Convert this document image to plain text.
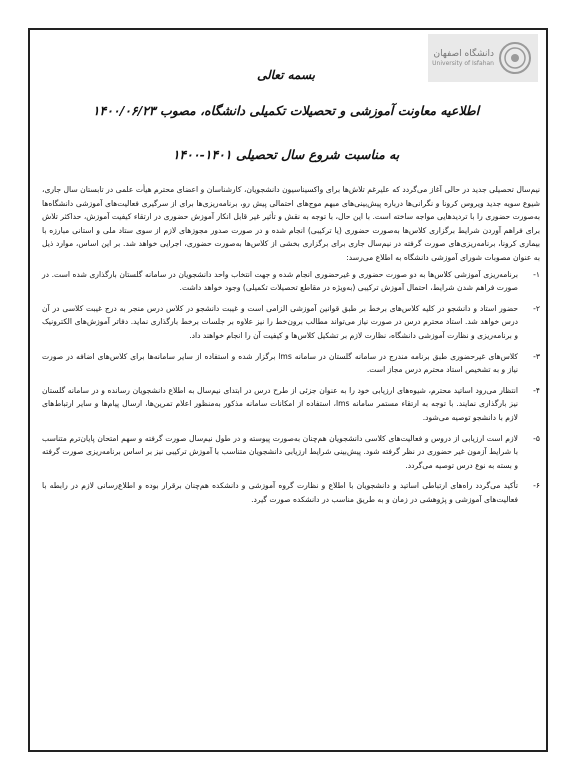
دانشگاه اصفهان
University of Isfahan
بسمه تعالی
اطلاعیه معاونت آموزشی و تحصیلات تکمیلی دانشگاه، مصوب ۱۴۰۰/۰۶/۲۳
به مناسبت شروع سال تحصیلی ۱۴۰۱-۱۴۰۰

نیم‌سال تحصیلی جدید در حالی آغاز می‌گردد که علیرغم تلاش‌ها برای واکسیناسیون دانشجویان، کارشناسان و اعضای محترم هیأت علمی در تابستان سال جاری، شیوع سویه جدید ویروس کرونا و نگرانی‌ها درباره پیش‌بینی‌های مبهم موج‌های احتمالی پیش رو، برنامه‌ریزی‌ها برای از سرگیری فعالیت‌های آموزشی دانشگاه‌ها به‌صورت حضوری را با تردیدهایی مواجه ساخته است. با این حال، با توجه به نقش و تأثیر غیر قابل انکار آموزش حضوری در ارتقاء کیفیت آموزش، حداکثر تلاش برای فراهم آوردن شرایط برگزاری کلاس‌ها به‌صورت حضوری (یا ترکیبی) انجام شده و در صورت صدور مجوزهای لازم از سوی ستاد ملی و استانی مبارزه با بیماری کرونا، برنامه‌ریزی‌های صورت گرفته در نیم‌سال جاری برای برگزاری بخشی از کلاس‌ها به‌صورت حضوری، اجرایی خواهد شد. بر این اساس، موارد ذیل به عنوان مصوبات شورای آموزشی دانشگاه به اطلاع می‌رسد:

۱-
برنامه‌ریزی آموزشی کلاس‌ها به دو صورت حضوری و غیرحضوری انجام شده و جهت انتخاب واحد دانشجویان در سامانه گلستان بارگذاری شده است. در صورت فراهم شدن شرایط، احتمال آموزش ترکیبی (به‌ویژه در مقاطع تحصیلات تکمیلی) وجود خواهد داشت.
۲-
حضور استاد و دانشجو در کلیه کلاس‌های برخط بر طبق قوانین آموزشی الزامی است و غیبت دانشجو در کلاس درس منجر به درج غیبت کلاسی در آن درس خواهد شد. استاد محترم درس در صورت نیاز می‌تواند مطالب برون‌خط را نیز علاوه بر جلسات برخط بارگذاری نماید. دفاتر آموزش‌های الکترونیک و برنامه‌ریزی و نظارت آموزشی دانشگاه، نظارت لازم بر تشکیل کلاس‌ها و کیفیت آن را انجام خواهند داد.
۳-
کلاس‌های غیرحضوری طبق برنامه مندرج در سامانه گلستان در سامانه lms برگزار شده و استفاده از سایر سامانه‌ها برای کلاس‌های اضافه در صورت نیاز و به تشخیص استاد محترم درس مجاز است.
۴-
انتظار می‌رود اساتید محترم، شیوه‌های ارزیابی خود را به عنوان جزئی از طرح درس در ابتدای نیم‌سال به اطلاع دانشجویان رسانده و در سامانه گلستان نیز بارگذاری نمایند. با توجه به ارتقاء مستمر سامانه lms، استفاده از امکانات سامانه مذکور به‌منظور اعلام تمرین‌ها، ارسال پیام‌ها و سایر ارتباط‌های لازم با دانشجو توصیه می‌شود.
۵-
لازم است ارزیابی از دروس و فعالیت‌های کلاسی دانشجویان هم‌چنان به‌صورت پیوسته و در طول نیم‌سال صورت گرفته و سهم امتحان پایان‌ترم متناسب با شرایط آزمون غیر حضوری در نظر گرفته شود. پیش‌بینی شرایط ارزیابی دانشجویان متناسب با آموزش ترکیبی نیز بر اساس برنامه‌ریزی صورت گرفته و بسته به نوع درس توصیه می‌گردد.
۶-
تأکید می‌گردد راه‌های ارتباطی اساتید و دانشجویان با اطلاع و نظارت گروه آموزشی و دانشکده هم‌چنان برقرار بوده و اطلاع‌رسانی لازم در رابطه با فعالیت‌های آموزشی و پژوهشی در زمان و به طریق مناسب در دانشکده صورت گیرد.
